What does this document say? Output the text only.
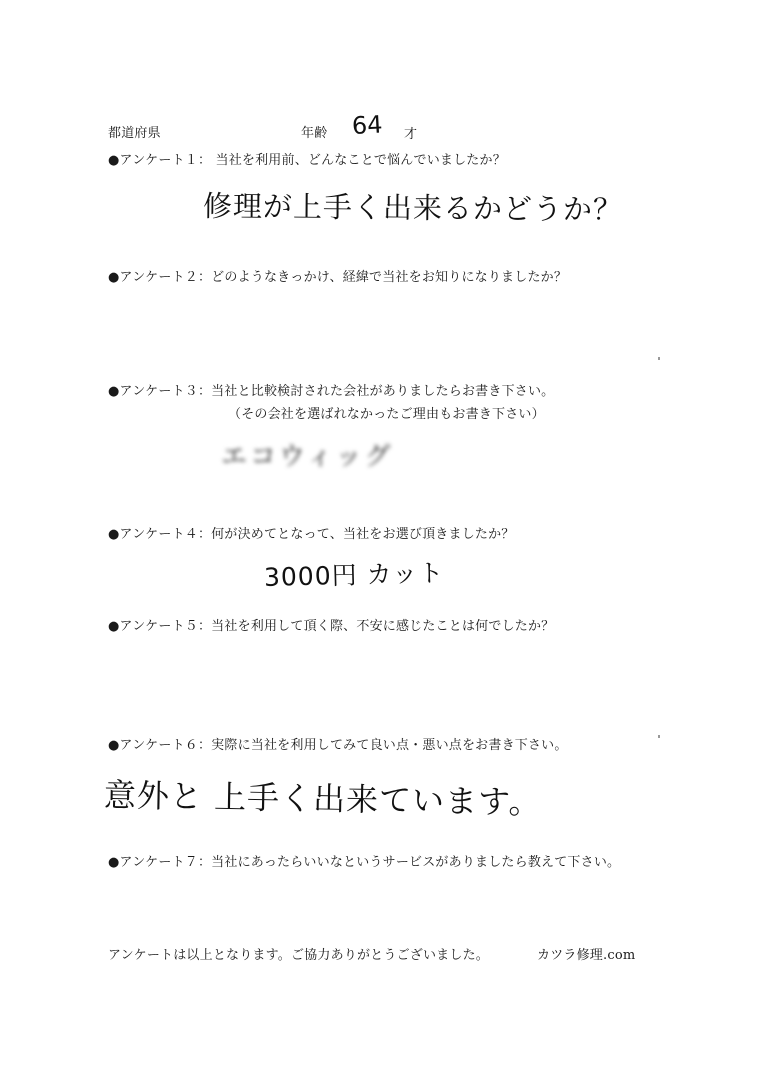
都道府県	年齢 64 才
●アンケート１： 当社を利用前、どんなことで悩んでいましたか？
修理が上手く出来るかどうか？
●アンケート２：どのようなきっかけ、経緯で当社をお知りになりましたか？
●アンケート３：当社と比較検討された会社がありましたらお書き下さい。
（その会社を選ばれなかったご理由もお書き下さい）
エコウィッグ
●アンケート４：何が決めてとなって、当社をお選び頂きましたか？
3000円 カット
●アンケート５：当社を利用して頂く際、不安に感じたことは何でしたか？
●アンケート６：実際に当社を利用してみて良い点・悪い点をお書き下さい。
意外と 上手く出来ています。
●アンケート７：当社にあったらいいなというサービスがありましたら教えて下さい。
アンケートは以上となります。ご協力ありがとうございました。	カツラ修理.com
